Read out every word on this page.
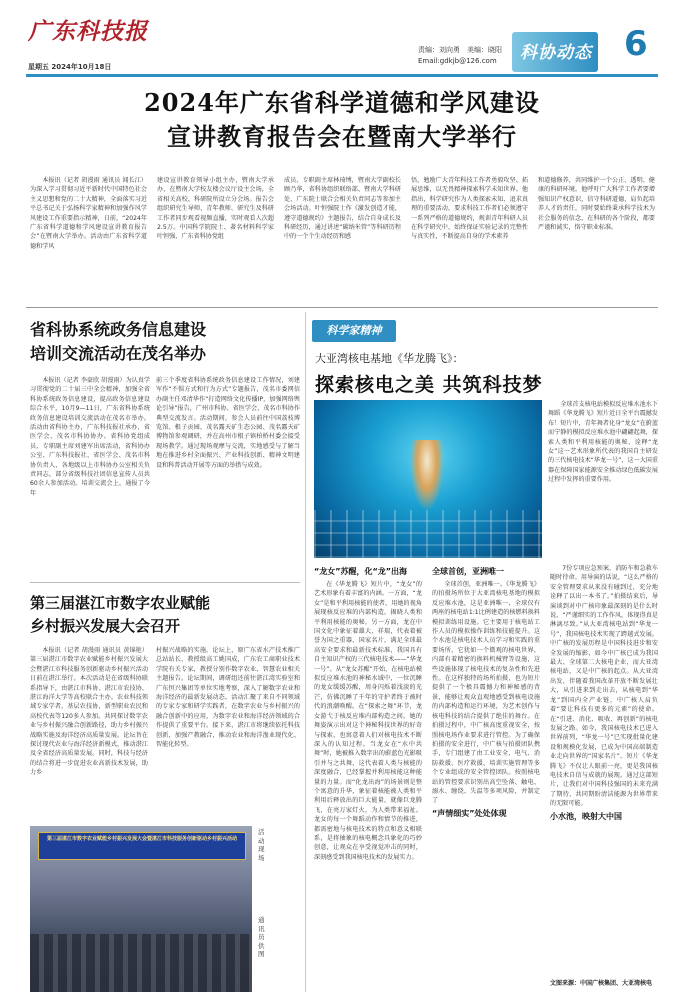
广东科技报
星期五 2024年10月18日
责编：刘向勇　美编：晓阳
Email:gdkjb@126.com 科协动态 6
2024年广东省科学道德和学风建设
宣讲教育报告会在暨南大学举行

本报讯（记者 胡漫雨 通讯员 闻长江）为深入学习贯彻习近平新时代中国特色社会主义思想和党的二十大精神，全面落实习近平总书记关于弘扬科学家精神和加强作风学风建设工作重要指示精神，日前，“2024年广东省科学道德和学风建设宣讲教育报告会”在暨南大学举办。活动由广东省科学道德和学风

建设宣讲教育领导小组主办，暨南大学承办，在暨南大学校友楼会议厅设主会场，全省相关高校、科研院所设立分会场。报告会组织研究生导师、青年教师、研究生及科研工作者同步观看视频直播，实时观看人次超2.5万。中国科学院院士、著名材料科学家叶恒强，广东省科协党组

成员、专职副主席林琦缚，暨南大学副校长顾乃华，省科协组织联络部、暨南大学科研处、广东院士联合会相关负责同志等参加主会场活动。叶恒强院士作《激发创造才能，遵守道德规约》主题报告，结合自身成长及科研经历，通过讲述“碳纳米管”等科研历程中的一个个生动经历和感

悟，勉励广大青年科技工作者勇毅攻坚、拓展思维，以无畏精神探索科学未知世界。他指出，科学研究作为人类探索未知、追求真理的重要活动，要求科技工作者们必须遵守一系列严格的道德规约，规训青年科研人员在科学研究中，始终保证实验记录的完整性与真实性，不断提高自身的学术素养

和道德修养，共同维护一个公正、透明、健康的科研环境。他呼吁广大科学工作者要增强知识产权意识，信守科研道德，肩负起培养人才的责任，同时要始终秉承科学技术为社会服务的信念，在科研的各个阶段，都要严谨和诚实，恪守职业标准。

省科协系统政务信息建设
培训交流活动在茂名举办

本报讯（记者 李豪欣 胡漫雨）为认真学习贯彻党的二十届三中全会精神，加强全省科协系统政务信息建设，提高政务信息建设综合水平，10月9—11日，广东省科协系统政务信息建设培训交流活动在茂名市举办。活动由省科协主办，广东科技报社承办，省医学会、茂名市科协协办。省科协党组成员、专职副主席刘建军出席活动，省科协办公室、广东科技报社、省医学会、茂名市科协负责人，各地级以上市科协办公室相关负责同志，部分省级科技社团信息宣传人员共60余人参加活动。培训交流会上，通报了今年

前三个季度省科协系统政务信息建设工作情况，刘建军作“不惧方式和行为方式”专题报告，茂名市委网信办副主任邓清华作“打造网络文化传播IP，加强网络舆论引导”报告，广州市科协、省医学会、茂名市科协作典型交流发言。活动期间，参会人员前往中国荔枝博览馆、根子贡园、茂名露天矿生态公园、茂名露天矿博物馆参观调研，并在高州市根子镇柏桥村委会接受现场教学。通过现场观摩与交流，实地感受与了解当地在推进乡村全面振兴、产业科技创新、精神文明建设和科普活动开展等方面的举措与成效。

第三届湛江市数字农业赋能
乡村振兴发展大会召开

本报讯（记者 胡漫雨 通讯员 黄锦艳）第三届湛江市数字农业赋能乡村振兴发展大会暨湛江市科技服务创新驱动乡村振兴活动日前在湛江举行。本次活动是在省级科协联系指导下，由湛江市科协、湛江市农技协、湛江海洋大学等高校联合主办。农业科技领域专家学者，基层农技协、新型职业农民和高校代表等120多人参加。共同探讨数字农业与乡村振兴融合创新路径，助力乡村振兴战略实施及海洋经济高质量发展。论坛旨在探讨现代农业与海洋经济新模式，推动湛江及全省经济高质量发展。同时，科技与经济的结合将进一步促进农业高新技术发展，助力乡

村振兴战略的实施。论坛上，原广东省水产技术推广总站站长、教授级高工姚国成，广东农工商职业技术学院有关专家，教授分别作数字农业、智慧农业相关主题报告。论坛期间，调研组还前往湛江湾实验室和广东恒兴集团等单位实地考察，深入了解数字农业和海洋经济的最新发展动态。活动汇聚了来自不同领域的专家专家和研学实践者，在数字农业与乡村振兴的融合创新中的应用，为数字农业和海洋经济领域的合作提供了重要平台。接下来，湛江市将继续依托科技创新，加强产教融合，推动农业和海洋渔业现代化、智能化转型。

第三届湛江市数字农业赋能乡村振兴发展大会暨湛江市科技服务创新驱动乡村振兴活动
活动现场
通讯员供图
科学家精神
大亚湾核电基地《华龙腾飞》：
探索核电之美 共筑科技梦

全球首支核电站模拟反应堆水池水下舞蹈《华龙腾飞》短片近日全平台震撼发布！短片中，青年舞者化身“龙女”在蔚蓝而宁静的模拟反应堆水池中翩翩起舞，探索人类和平利用核能的奥秘，诠释“龙女”这一艺术形象所代表的我国自主研发的三代核电技术“华龙一号”，这一大国重器在保障国家能源安全推动绿色低碳发展过程中发挥的重要作用。

“龙女”苏醒，化“龙”出海

在《华龙腾飞》短片中，“龙女”的艺术形象有着丰富的内涵。一方面，“龙女”是和平利用核能的使者，用她的视角展现核反应堆的内部构造，揭晓人类和平利用核能的奥秘。另一方面，龙在中国文化中象征着雄大、祥瑞，代表着被誉为国之重器、国家名片，满足全球最高安全要求和最新技术标准，我国具有自主知识产权的三代核电技术——“华龙一号”。从“龙女苏醒”开始，在核电站模拟反应堆水池的神秘水域中，一位沉睡的龙女缓缓苏醒，周身闪烁着浅淡的光芒，仿佛沉睡了千年的守护者终于被时代的浪潮唤醒。在“探索之舞”环节，龙女游弋于核反应堆内部构造之间，她的舞姿演示出对这个神秘科技世界的好奇与探索，也寓意着人们对核电技术不断深入的认知过程。当龙女在“水中共舞”时，她被推入数字出的蔚蓝色光影吸引并与之共舞，这代表着人类与核能的深度融合，已经掌握并利用核能这种能量的力量。而“化龙出海”的场景则是整个寓意的升华，象征着核能被人类和平利用后释放出的巨大能量，就像巨龙腾飞，在亮万家灯火，为人类带来福祉。龙女的每一个舞蹈动作和情节的推进，都需密地与核电技术的特点和意义相联系，是将抽象的核电概念具象化的巧妙创意，让观众在享受视觉冲击的同时，深刻感受到我国核电技术的发展实力。

全球首创，亚洲唯一

全球首创，亚洲唯一。《华龙腾飞》的拍摄场所位于大亚湾核电基地的模拟反应堆水池，这是亚洲唯一、全球仅有两座的核电站1:1比例建造的核燃料换料模拟训练用设施。它主要用于核电站工作人员的模拟操作训练和技能提升。这个水池是核电技术人员学习和实践的重要场所，它犹如一个微观的核电世界，内部有着精密的换料机械臂等设施，这些设施体现了核电技术的复杂性和先进性。在这样独特的场所拍摄，也为短片提供了一个极具震撼力和神秘感的背景，能够让观众直观地感受到核电设施的内部构造和运行环境，为艺术创作与核电科技的结合提供了绝佳的舞台。在拍摄过程中，中广核高度重视安全，按照核电场作业要求进行管控。为了确保拍摄的安全进行，中广核与拍摄团队携手，专门组建了由工业安全、电气、消防救援、医疗救援、培训实施管理等多个专业组成的安全管控团队。按照核电站的管控要求识别出高空坠落、触电、溺水、缠绕、失温等多项风险，并制定了

“声情细实”处处体现

7份专项应急预案，消防车和急救车随时待命。用导演的话说，“这么严格的安全管理要求从来没有碰到过，充分地诠释了以出一本书了。”拍摄结束后，导演谈到对中广核印象最深刻的是什么时说，“严谨细实的工作作风，体现得真是淋漓尽致。”从大亚湾核电站到“华龙一号”，我国核电技术实现了跨越式发展。中广核的发展历程是中国科技进步和安全发展的缩影，如今中广核已成为我国最大、全球第二大核电企业，而大亚湾核电站，又是中广核的起点。从大亚湾出发，伴随着我国改革开放不断发展壮大，从引进来到走出去，从核电到“华龙”到国内全产业链，中广核人肩负着“要让科技有更多的元素”的使命。在“引进、消化、吸收、再创新”的核电发展之路。如今，我国核电技术已进入世界前列，“华龙一号”已实现批量化建设和规模化发展，已成为中国高端制造业走向世界的“国家名片”。短片《华龙腾飞》不仅让人眼前一亮，更是我国核电技术自信与成就的展现。通过这部短片，让我们对中国科技强国的未来充满了期待，共同期盼清洁能源为世界带来的无限可能。

小水池，映射大中国
文图来源：中国广核集团、大亚湾核电
